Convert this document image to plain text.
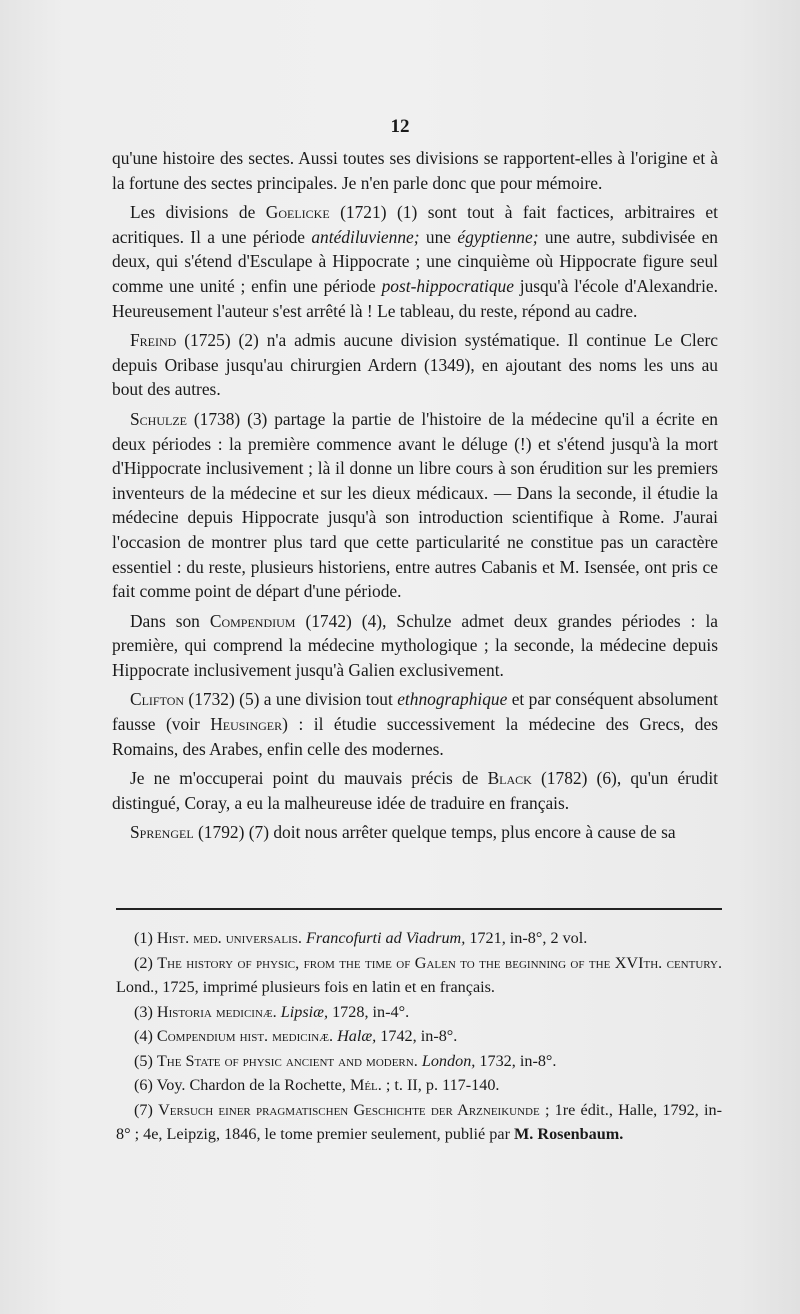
12

qu'une histoire des sectes. Aussi toutes ses divisions se rapportent-elles à l'origine et à la fortune des sectes principales. Je n'en parle donc que pour mémoire.

Les divisions de Goelicke (1721) (1) sont tout à fait factices, arbitraires et acritiques. Il a une période antédiluvienne; une égyptienne; une autre, subdivisée en deux, qui s'étend d'Esculape à Hippocrate ; une cinquième où Hippocrate figure seul comme une unité ; enfin une période post-hippocratique jusqu'à l'école d'Alexandrie. Heureusement l'auteur s'est arrêté là ! Le tableau, du reste, répond au cadre.

Freind (1725) (2) n'a admis aucune division systématique. Il continue Le Clerc depuis Oribase jusqu'au chirurgien Ardern (1349), en ajoutant des noms les uns au bout des autres.

Schulze (1738) (3) partage la partie de l'histoire de la médecine qu'il a écrite en deux périodes : la première commence avant le déluge (!) et s'étend jusqu'à la mort d'Hippocrate inclusivement ; là il donne un libre cours à son érudition sur les premiers inventeurs de la médecine et sur les dieux médicaux. — Dans la seconde, il étudie la médecine depuis Hippocrate jusqu'à son introduction scientifique à Rome. J'aurai l'occasion de montrer plus tard que cette particularité ne constitue pas un caractère essentiel : du reste, plusieurs historiens, entre autres Cabanis et M. Isensée, ont pris ce fait comme point de départ d'une période.

Dans son Compendium (1742) (4), Schulze admet deux grandes périodes : la première, qui comprend la médecine mythologique ; la seconde, la médecine depuis Hippocrate inclusivement jusqu'à Galien exclusivement.

Clifton (1732) (5) a une division tout ethnographique et par conséquent absolument fausse (voir Heusinger) : il étudie successivement la médecine des Grecs, des Romains, des Arabes, enfin celle des modernes.

Je ne m'occuperai point du mauvais précis de Black (1782) (6), qu'un érudit distingué, Coray, a eu la malheureuse idée de traduire en français.

Sprengel (1792) (7) doit nous arrêter quelque temps, plus encore à cause de sa

(1) Hist. med. universalis. Francofurti ad Viadrum, 1721, in-8°, 2 vol.

(2) The history of physic, from the time of Galen to the beginning of the XVIth. century. Lond., 1725, imprimé plusieurs fois en latin et en français.

(3) Historia medicinæ. Lipsiæ, 1728, in-4°.

(4) Compendium hist. medicinæ. Halæ, 1742, in-8°.

(5) The State of physic ancient and modern. London, 1732, in-8°.

(6) Voy. Chardon de la Rochette, Mél. ; t. II, p. 117-140.

(7) Versuch einer pragmatischen Geschichte der Arzneikunde ; 1re édit., Halle, 1792, in-8° ; 4e, Leipzig, 1846, le tome premier seulement, publié par M. Rosenbaum.
